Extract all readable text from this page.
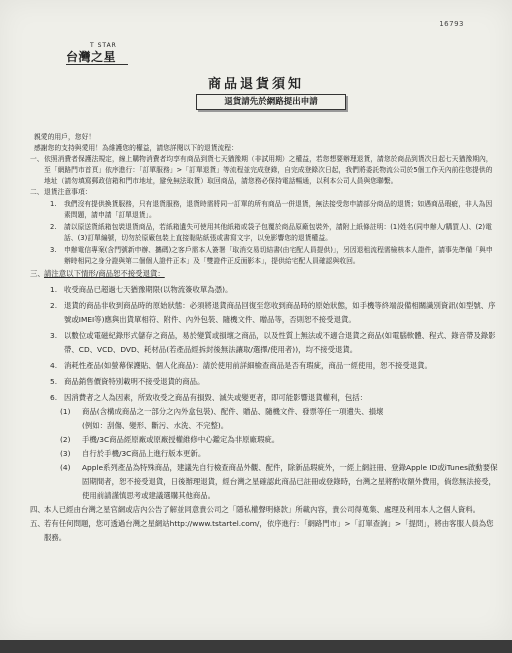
16793
T STAR
台灣之星
商品退貨須知
退貨請先於網路提出申請

親愛的用戶，您好！

感謝您的支持與愛用！為維護您的權益，請您詳閱以下的退貨流程：

一、 依照消費者保護法規定，線上購物消費者均享有商品到貨七天猶豫期（非試用期）之權益，若您想要辦理退貨，請您於商品到貨次日起七天猶豫期內，至「網路門市首頁」依序進行：「訂單服務」>「訂單退貨」等流程並完成登錄，自完成登錄次日起，我們將委託物流公司於5個工作天內前往您提供的地址（請勿填寫郵政信箱和門市地址，避免無法取貨）取回商品，請您務必保持電話暢通，以利本公司人員與您聯繫。
二、 退貨注意事項：
1.	我們沒有提供換貨服務，只有退貨服務，退貨時需將同一訂單的所有商品一併退貨，無法接受您申請部分商品的退貨；如遇商品瑕疵，非人為因素問題，請申請「訂單退貨」。
2.	請以原送貨紙箱包裝退貨商品，若紙箱遺失可使用其他紙箱或袋子包覆於商品原廠包裝外，請附上紙條註明：(1)姓名(同申辦人/購買人)、(2)電話、(3)訂單編號，切勿於原廠包裝上直接黏貼紙張或書寫文字，以免影響您的退貨權益。
3.	申辦電信專案(含門號新申辦、攜碼)之客戶需本人簽署「取消交易切結書(由宅配人員提供)」，另因退租流程需檢核本人證件，請事先準備「與申辦時相同之身分證與第二個個人證件正本」及「雙證件正反面影本」，提供給宅配人員確認與收回。
三、 請注意以下情形/商品恕不接受退貨：
1. 收受商品已超過七天猶豫期限(以物流簽收單為憑)。
2. 退貨的商品非收到商品時的原始狀態：必須將退貨商品回復至您收到商品時的原始狀態，如手機等終端設備相關識別資訊(如型號、序號或IMEI等)應與出貨單相符、附件、內外包裝、隨機文件、贈品等，否則恕不接受退貨。
3. 以數位或電磁紀錄形式儲存之商品，易於變質或損壞之商品，以及性質上無法或不適合退貨之商品(如電腦軟體、程式、錄音帶及錄影帶、CD、VCD、DVD、耗材品(若產品經拆封後無法讓取/選擇/使用者))，均不接受退貨。
4. 消耗性產品(如螢幕保護貼、個人化商品)：請於使用前詳細檢查商品是否有瑕疵，商品一經使用，恕不接受退貨。
5. 商品銷售價資特別載明不接受退貨的商品。
6. 因消費者之人為因素，所致收受之商品有損毀、滅失或變更者，即可能影響退貨權利，包括：
(1)	商品(含構成商品之一部分之內外盒包裝)、配件、贈品、隨機文件、發票等任一項遺失、損壞
(例如：刮傷、變形、斷污、水洗、不完整)。
(2)	手機/3C商品經原廠或原廠授權維修中心鑑定為非原廠瑕疵。
(3)	自行於手機/3C商品上進行版本更新。
(4)	Apple系列產品為特殊商品，建議先自行檢查商品外觀、配件，除新品瑕疵外，一經上網註冊、登錄Apple ID或iTunes啟動要保固期間者，恕不接受退貨，日後辦理退貨，經台灣之星確認此商品已註冊或登錄時，台灣之星將酌收額外費用，倘您無法接受，使用前請謹慎思考或建議選購其他商品。
四、 本人已經由台灣之星官網或店內公告了解並同意貴公司之「隱私權聲明條款」所載內容，貴公司得蒐集、處理及利用本人之個人資料。
五、 若有任何問題，您可透過台灣之星網站http://www.tstartel.com/，依序進行：「網路門市」>「訂單查詢」>「提問」，將由客服人員為您服務。
